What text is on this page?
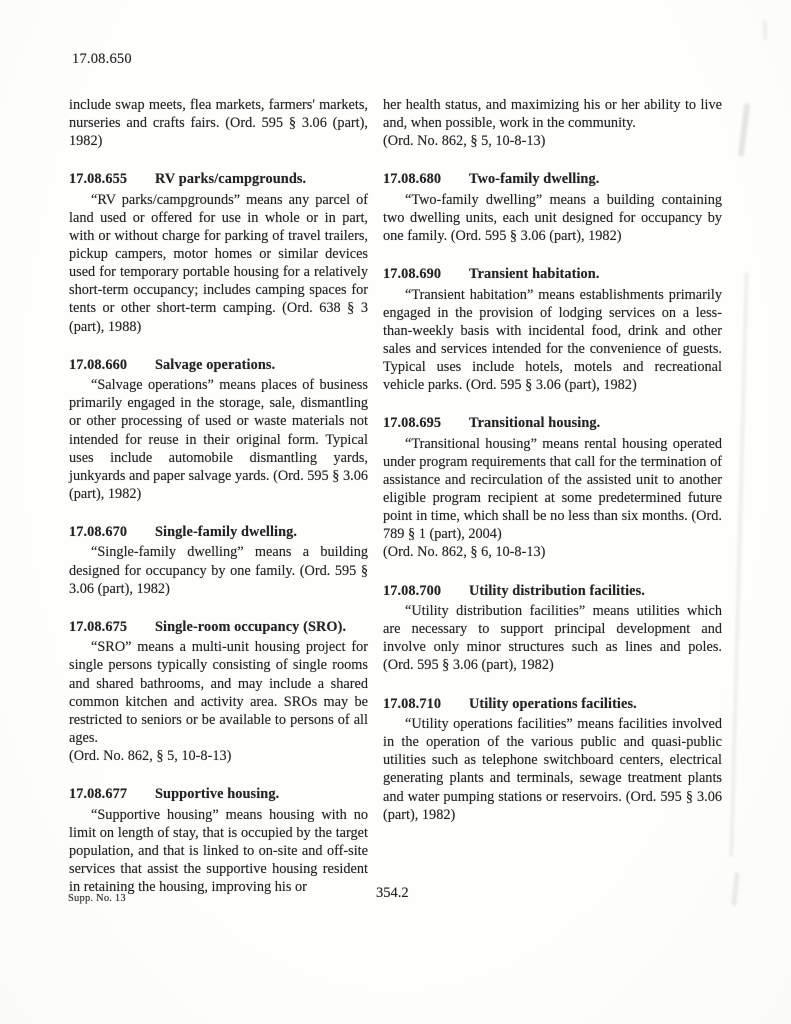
17.08.650

include swap meets, flea markets, farmers' markets, nurseries and crafts fairs. (Ord. 595 § 3.06 (part), 1982)

17.08.655	RV parks/campgrounds.

“RV parks/campgrounds” means any parcel of land used or offered for use in whole or in part, with or without charge for parking of travel trailers, pickup campers, motor homes or similar devices used for temporary portable housing for a relatively short-term occupancy; includes camping spaces for tents or other short-term camping. (Ord. 638 § 3 (part), 1988)

17.08.660	Salvage operations.

“Salvage operations” means places of business primarily engaged in the storage, sale, dismantling or other processing of used or waste materials not intended for reuse in their original form. Typical uses include automobile dismantling yards, junkyards and paper salvage yards. (Ord. 595 § 3.06 (part), 1982)

17.08.670	Single-family dwelling.

“Single-family dwelling” means a building designed for occupancy by one family. (Ord. 595 § 3.06 (part), 1982)

17.08.675	Single-room occupancy (SRO).

“SRO” means a multi-unit housing project for single persons typically consisting of single rooms and shared bathrooms, and may include a shared common kitchen and activity area. SROs may be restricted to seniors or be available to persons of all ages.

(Ord. No. 862, § 5, 10-8-13)

17.08.677	Supportive housing.

“Supportive housing” means housing with no limit on length of stay, that is occupied by the target population, and that is linked to on-site and off-site services that assist the supportive housing resident in retaining the housing, improving his or

her health status, and maximizing his or her ability to live and, when possible, work in the community.

(Ord. No. 862, § 5, 10-8-13)

17.08.680	Two-family dwelling.

“Two-family dwelling” means a building containing two dwelling units, each unit designed for occupancy by one family. (Ord. 595 § 3.06 (part), 1982)

17.08.690	Transient habitation.

“Transient habitation” means establishments primarily engaged in the provision of lodging services on a less-than-weekly basis with incidental food, drink and other sales and services intended for the convenience of guests. Typical uses include hotels, motels and recreational vehicle parks. (Ord. 595 § 3.06 (part), 1982)

17.08.695	Transitional housing.

“Transitional housing” means rental housing operated under program requirements that call for the termination of assistance and recirculation of the assisted unit to another eligible program recipient at some predetermined future point in time, which shall be no less than six months. (Ord. 789 § 1 (part), 2004)

(Ord. No. 862, § 6, 10-8-13)

17.08.700	Utility distribution facilities.

“Utility distribution facilities” means utilities which are necessary to support principal development and involve only minor structures such as lines and poles. (Ord. 595 § 3.06 (part), 1982)

17.08.710	Utility operations facilities.

“Utility operations facilities” means facilities involved in the operation of the various public and quasi-public utilities such as telephone switchboard centers, electrical generating plants and terminals, sewage treatment plants and water pumping stations or reservoirs. (Ord. 595 § 3.06 (part), 1982)

Supp. No. 13	354.2
